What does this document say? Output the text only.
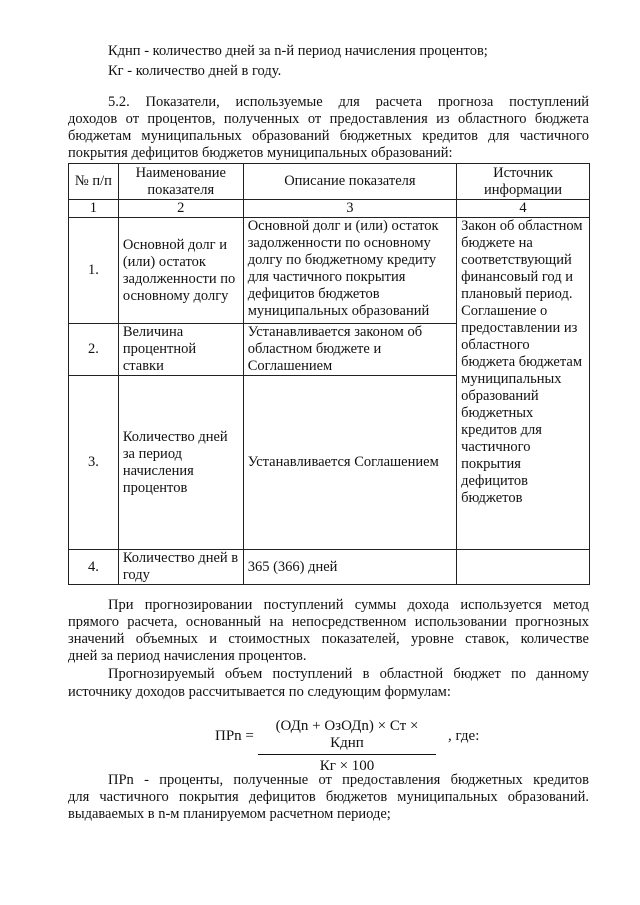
Кднп - количество дней за n-й период начисления процентов;
Кг - количество дней в году.
5.2. Показатели, используемые для расчета прогноза поступлений
доходов от процентов, полученных от предоставления из областного бюджета
бюджетам муниципальных образований бюджетных кредитов для частичного
покрытия дефицитов бюджетов муниципальных образований:
№ п/п	Наименование показателя	Описание показателя	Источник информации
1	2	3	4
1.	Основной долг и (или) остаток задолженности по основному долгу	Основной долг и (или) остаток задолженности по основному долгу по бюджетному кредиту для частичного покрытия дефицитов бюджетов муниципальных образований	Закон об областном бюджете на соответствующий финансовый год и плановый период. Соглашение о предоставлении из областного бюджета бюджетам муниципальных образований бюджетных кредитов для частичного покрытия дефицитов бюджетов
2.	Величина процентной ставки	Устанавливается законом об областном бюджете и Соглашением	
3.	Количество дней за период начисления процентов	Устанавливается Соглашением	
4.	Количество дней в году	365 (366) дней	
При прогнозировании поступлений суммы дохода используется метод
прямого расчета, основанный на непосредственном использовании прогнозных
значений объемных и стоимостных показателей, уровне ставок, количестве
дней за период начисления процентов.
Прогнозируемый объем поступлений в областной бюджет по данному
источнику доходов рассчитывается по следующим формулам:
ПРn =
(ОДn + ОзОДn) × Ст × Кднп
Кг × 100
, где:
ПРn - проценты, полученные от предоставления бюджетных кредитов
для частичного покрытия дефицитов бюджетов муниципальных образований.
выдаваемых в n-м планируемом расчетном периоде;
